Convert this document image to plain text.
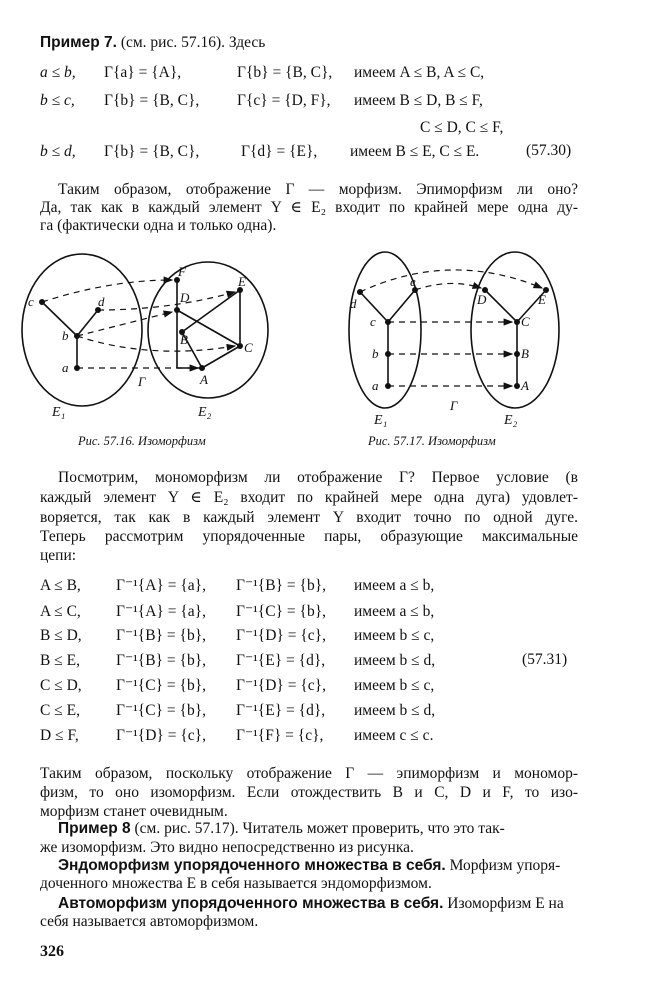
Пример 7. (см. рис. 57.16). Здесь
a ≤ b, Γ{a} = {A},	Γ{b} = {B, C}, имеем A ≤ B, A ≤ C,
b ≤ c, Γ{b} = {B, C}, Γ{c} = {D, F}, имеем B ≤ D, B ≤ F,
C ≤ D, C ≤ F,
b ≤ d, Γ{b} = {B, C},	Γ{d} = {E}, имеем B ≤ E, C ≤ E.	(57.30)
Таким образом, отображение Γ — морфизм. Эпиморфизм ли оно?
Да, так как в каждый элемент Y ∈ E₂ входит по крайней мере одна ду-
га (фактически одна и только одна).
c	d
b
a
F
D
E
B
C
A
Γ
E₁	E₂
Рис. 57.16. Изоморфизм
d
e
c
b
a
D	E
C
B
A
Γ
E₁	E₂
Рис. 57.17. Изоморфизм
Посмотрим, мономорфизм ли отображение Γ? Первое условие (в
каждый элемент Y ∈ E₂ входит по крайней мере одна дуга) удовлет-
воряется, так как в каждый элемент Y входит точно по одной дуге.
Теперь рассмотрим упорядоченные пары, образующие максимальные
цепи:
A ≤ B, Γ⁻¹{A} = {a}, Γ⁻¹{B} = {b}, имеем a ≤ b,
A ≤ C, Γ⁻¹{A} = {a}, Γ⁻¹{C} = {b}, имеем a ≤ b,
B ≤ D, Γ⁻¹{B} = {b}, Γ⁻¹{D} = {c}, имеем b ≤ c,
B ≤ E, Γ⁻¹{B} = {b}, Γ⁻¹{E} = {d}, имеем b ≤ d,	(57.31)
C ≤ D, Γ⁻¹{C} = {b}, Γ⁻¹{D} = {c}, имеем b ≤ c,
C ≤ E, Γ⁻¹{C} = {b}, Γ⁻¹{E} = {d}, имеем b ≤ d,
D ≤ F, Γ⁻¹{D} = {c}, Γ⁻¹{F} = {c}, имеем c ≤ c.
Таким образом, поскольку отображение Γ — эпиморфизм и мономор-
физм, то оно изоморфизм. Если отождествить B и C, D и F, то изо-
морфизм станет очевидным.
Пример 8 (см. рис. 57.17). Читатель может проверить, что это так-
же изоморфизм. Это видно непосредственно из рисунка.
Эндоморфизм упорядоченного множества в себя. Морфизм упоря-
доченного множества E в себя называется эндоморфизмом.
Автоморфизм упорядоченного множества в себя. Изоморфизм E на
себя называется автоморфизмом.
326
